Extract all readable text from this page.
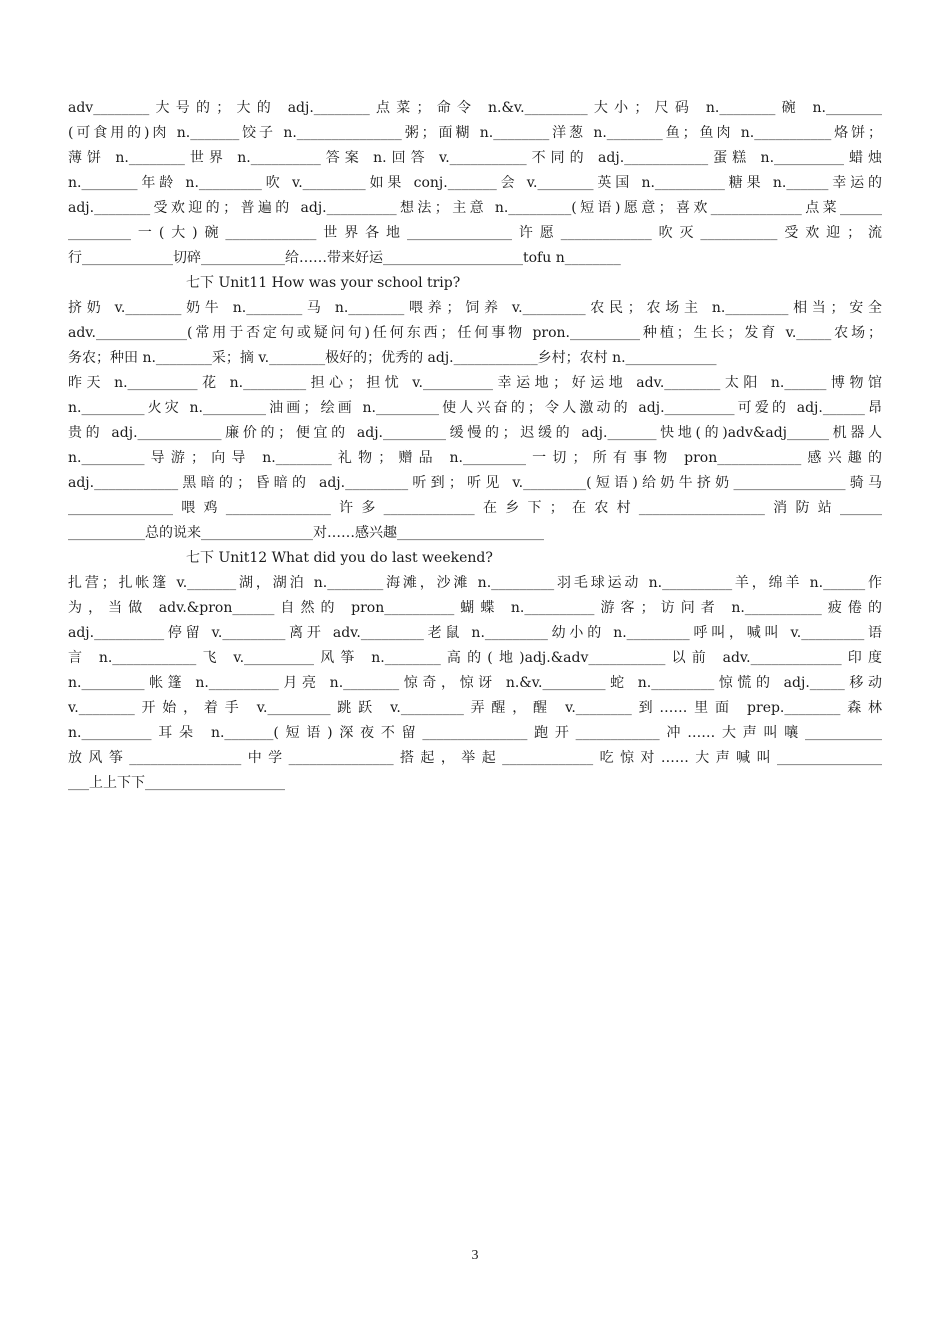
adv________大号的；大的 adj.________点菜；命令 n.&v._________大小；尺码 n.________碗 n.________
(可食用的)肉 n._______饺子 n._______________粥；面糊 n.________洋葱 n.________鱼；鱼肉 n.___________烙饼；
薄饼 n.________世界 n.__________答案 n.回答 v.___________不同的 adj.____________蛋糕 n.__________蜡烛
n.________年龄 n._________吹 v._________如果 conj._______会 v.________英国 n.__________糖果 n.______幸运的
adj.________受欢迎的；普遍的 adj.__________想法；主意 n._________(短语)愿意；喜欢_____________点菜______
_________一(大)碗_____________世界各地_______________许愿_____________吹灭___________受欢迎；流
行_____________切碎____________给……带来好运____________________tofu n________
七下 Unit11 How was your school trip?
挤奶 v.________奶牛 n.________马 n.________喂养；饲养 v._________农民；农场主 n._________相当；安全
adv._____________(常用于否定句或疑问句)任何东西；任何事物 pron.__________种植；生长；发育 v._____农场；
务农；种田 n.________采；摘 v.________极好的；优秀的 adj.____________乡村；农村 n._____________
昨天 n.__________花 n._________担心；担忧 v.__________幸运地；好运地 adv.________太阳 n.______博物馆
n._________火灾 n._________油画；绘画 n._________使人兴奋的；令人激动的 adj.__________可爱的 adj.______昂
贵的 adj.____________廉价的；便宜的 adj._________缓慢的；迟缓的 adj._______快地(的)adv&adj______机器人
n._________导游；向导 n.________礼物；赠品 n._________一切；所有事物 pron____________感兴趣的
adj.____________黑暗的；昏暗的 adj._________听到；听见 v._________(短语)给奶牛挤奶________________骑马
_______________喂鸡_______________许多_____________在乡下；在农村__________________消防站______
___________总的说来________________对……感兴趣_____________________
七下 Unit12 What did you do last weekend?
扎营；扎帐篷 v._______湖，湖泊 n.________海滩，沙滩 n._________羽毛球运动 n.__________羊，绵羊 n.______作
为，当做 adv.&pron______自然的 pron__________蝴蝶 n.__________游客；访问者 n.___________疲倦的
adj.__________停留 v._________离开 adv._________老鼠 n._________幼小的 n._________呼叫，喊叫 v._________语
言 n.____________飞 v.__________风筝 n.________高的(地)adj.&adv___________以前 adv._____________印度
n._________帐篷 n.__________月亮 n.________惊奇，惊讶 n.&v._________蛇 n._________惊慌的 adj._____移动
v.________开始，着手 v._________跳跃 v._________弄醒，醒 v.________到……里面 prep.________森林
n.__________耳朵 n._______(短语)深夜不留_______________跑开____________冲……大声叫嚷___________
放风筝________________中学_______________搭起，举起_____________吃惊对……大声喊叫_______________
___上上下下____________________
3
